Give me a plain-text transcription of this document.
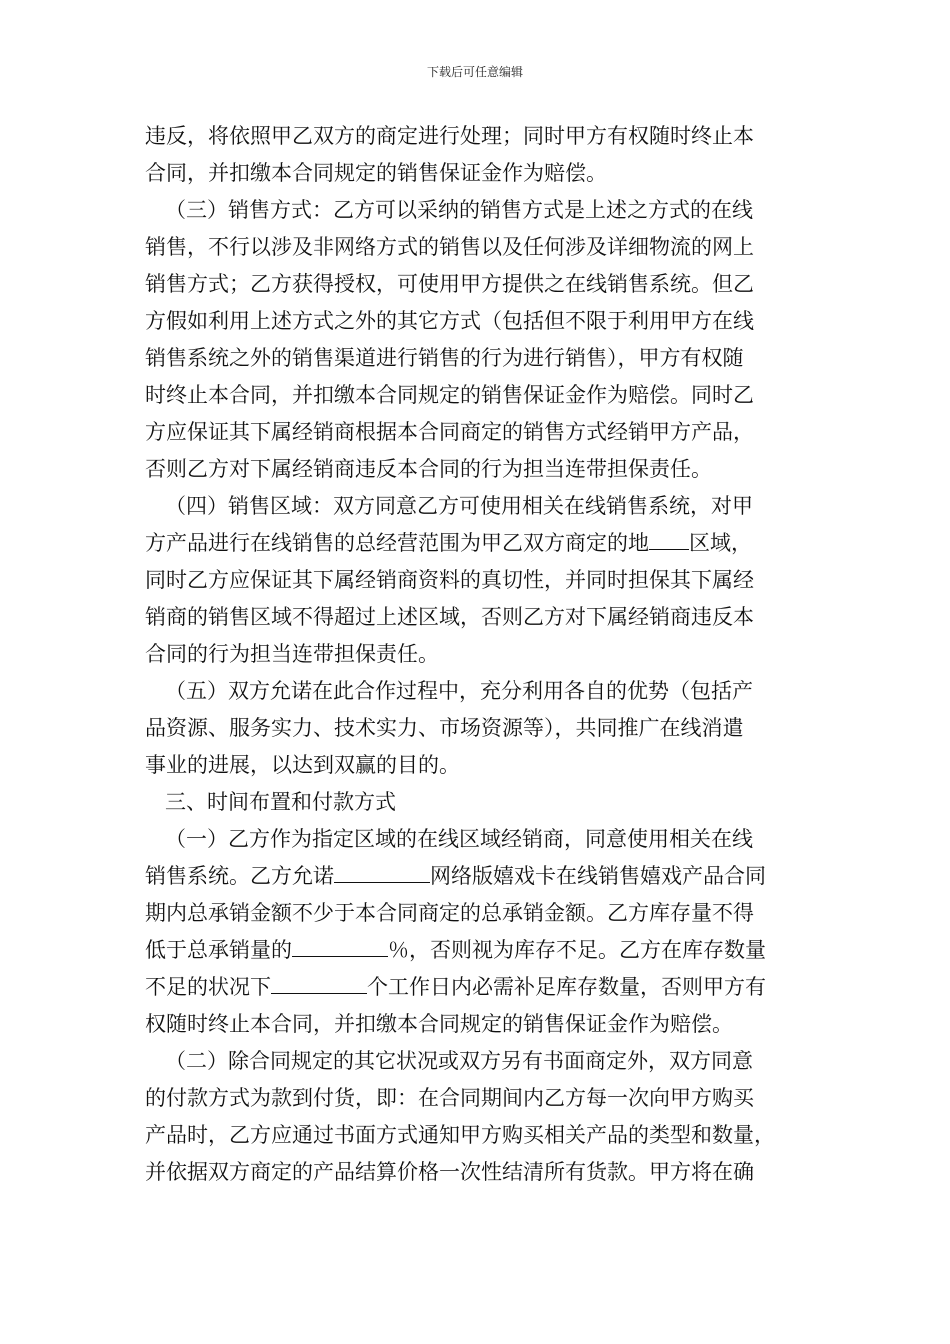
下载后可任意编辑
违反，将依照甲乙双方的商定进行处理；同时甲方有权随时终止本
合同，并扣缴本合同规定的销售保证金作为赔偿。
（三）销售方式：乙方可以采纳的销售方式是上述之方式的在线
销售，不行以涉及非网络方式的销售以及任何涉及详细物流的网上
销售方式；乙方获得授权，可使用甲方提供之在线销售系统。但乙
方假如利用上述方式之外的其它方式（包括但不限于利用甲方在线
销售系统之外的销售渠道进行销售的行为进行销售），甲方有权随
时终止本合同，并扣缴本合同规定的销售保证金作为赔偿。同时乙
方应保证其下属经销商根据本合同商定的销售方式经销甲方产品，
否则乙方对下属经销商违反本合同的行为担当连带担保责任。
（四）销售区域：双方同意乙方可使用相关在线销售系统，对甲
方产品进行在线销售的总经营范围为甲乙双方商定的地 区域，
同时乙方应保证其下属经销商资料的真切性，并同时担保其下属经
销商的销售区域不得超过上述区域，否则乙方对下属经销商违反本
合同的行为担当连带担保责任。
（五）双方允诺在此合作过程中，充分利用各自的优势（包括产
品资源、服务实力、技术实力、市场资源等），共同推广在线消遣
事业的进展，以达到双赢的目的。
三、时间布置和付款方式
（一）乙方作为指定区域的在线区域经销商，同意使用相关在线
销售系统。乙方允诺	网络版嬉戏卡在线销售嬉戏产品合同
期内总承销金额不少于本合同商定的总承销金额。乙方库存量不得
低于总承销量的	％，否则视为库存不足。乙方在库存数量
不足的状况下	个工作日内必需补足库存数量，否则甲方有
权随时终止本合同，并扣缴本合同规定的销售保证金作为赔偿。
（二）除合同规定的其它状况或双方另有书面商定外，双方同意
的付款方式为款到付货，即：在合同期间内乙方每一次向甲方购买
产品时，乙方应通过书面方式通知甲方购买相关产品的类型和数量，
并依据双方商定的产品结算价格一次性结清所有货款。甲方将在确
